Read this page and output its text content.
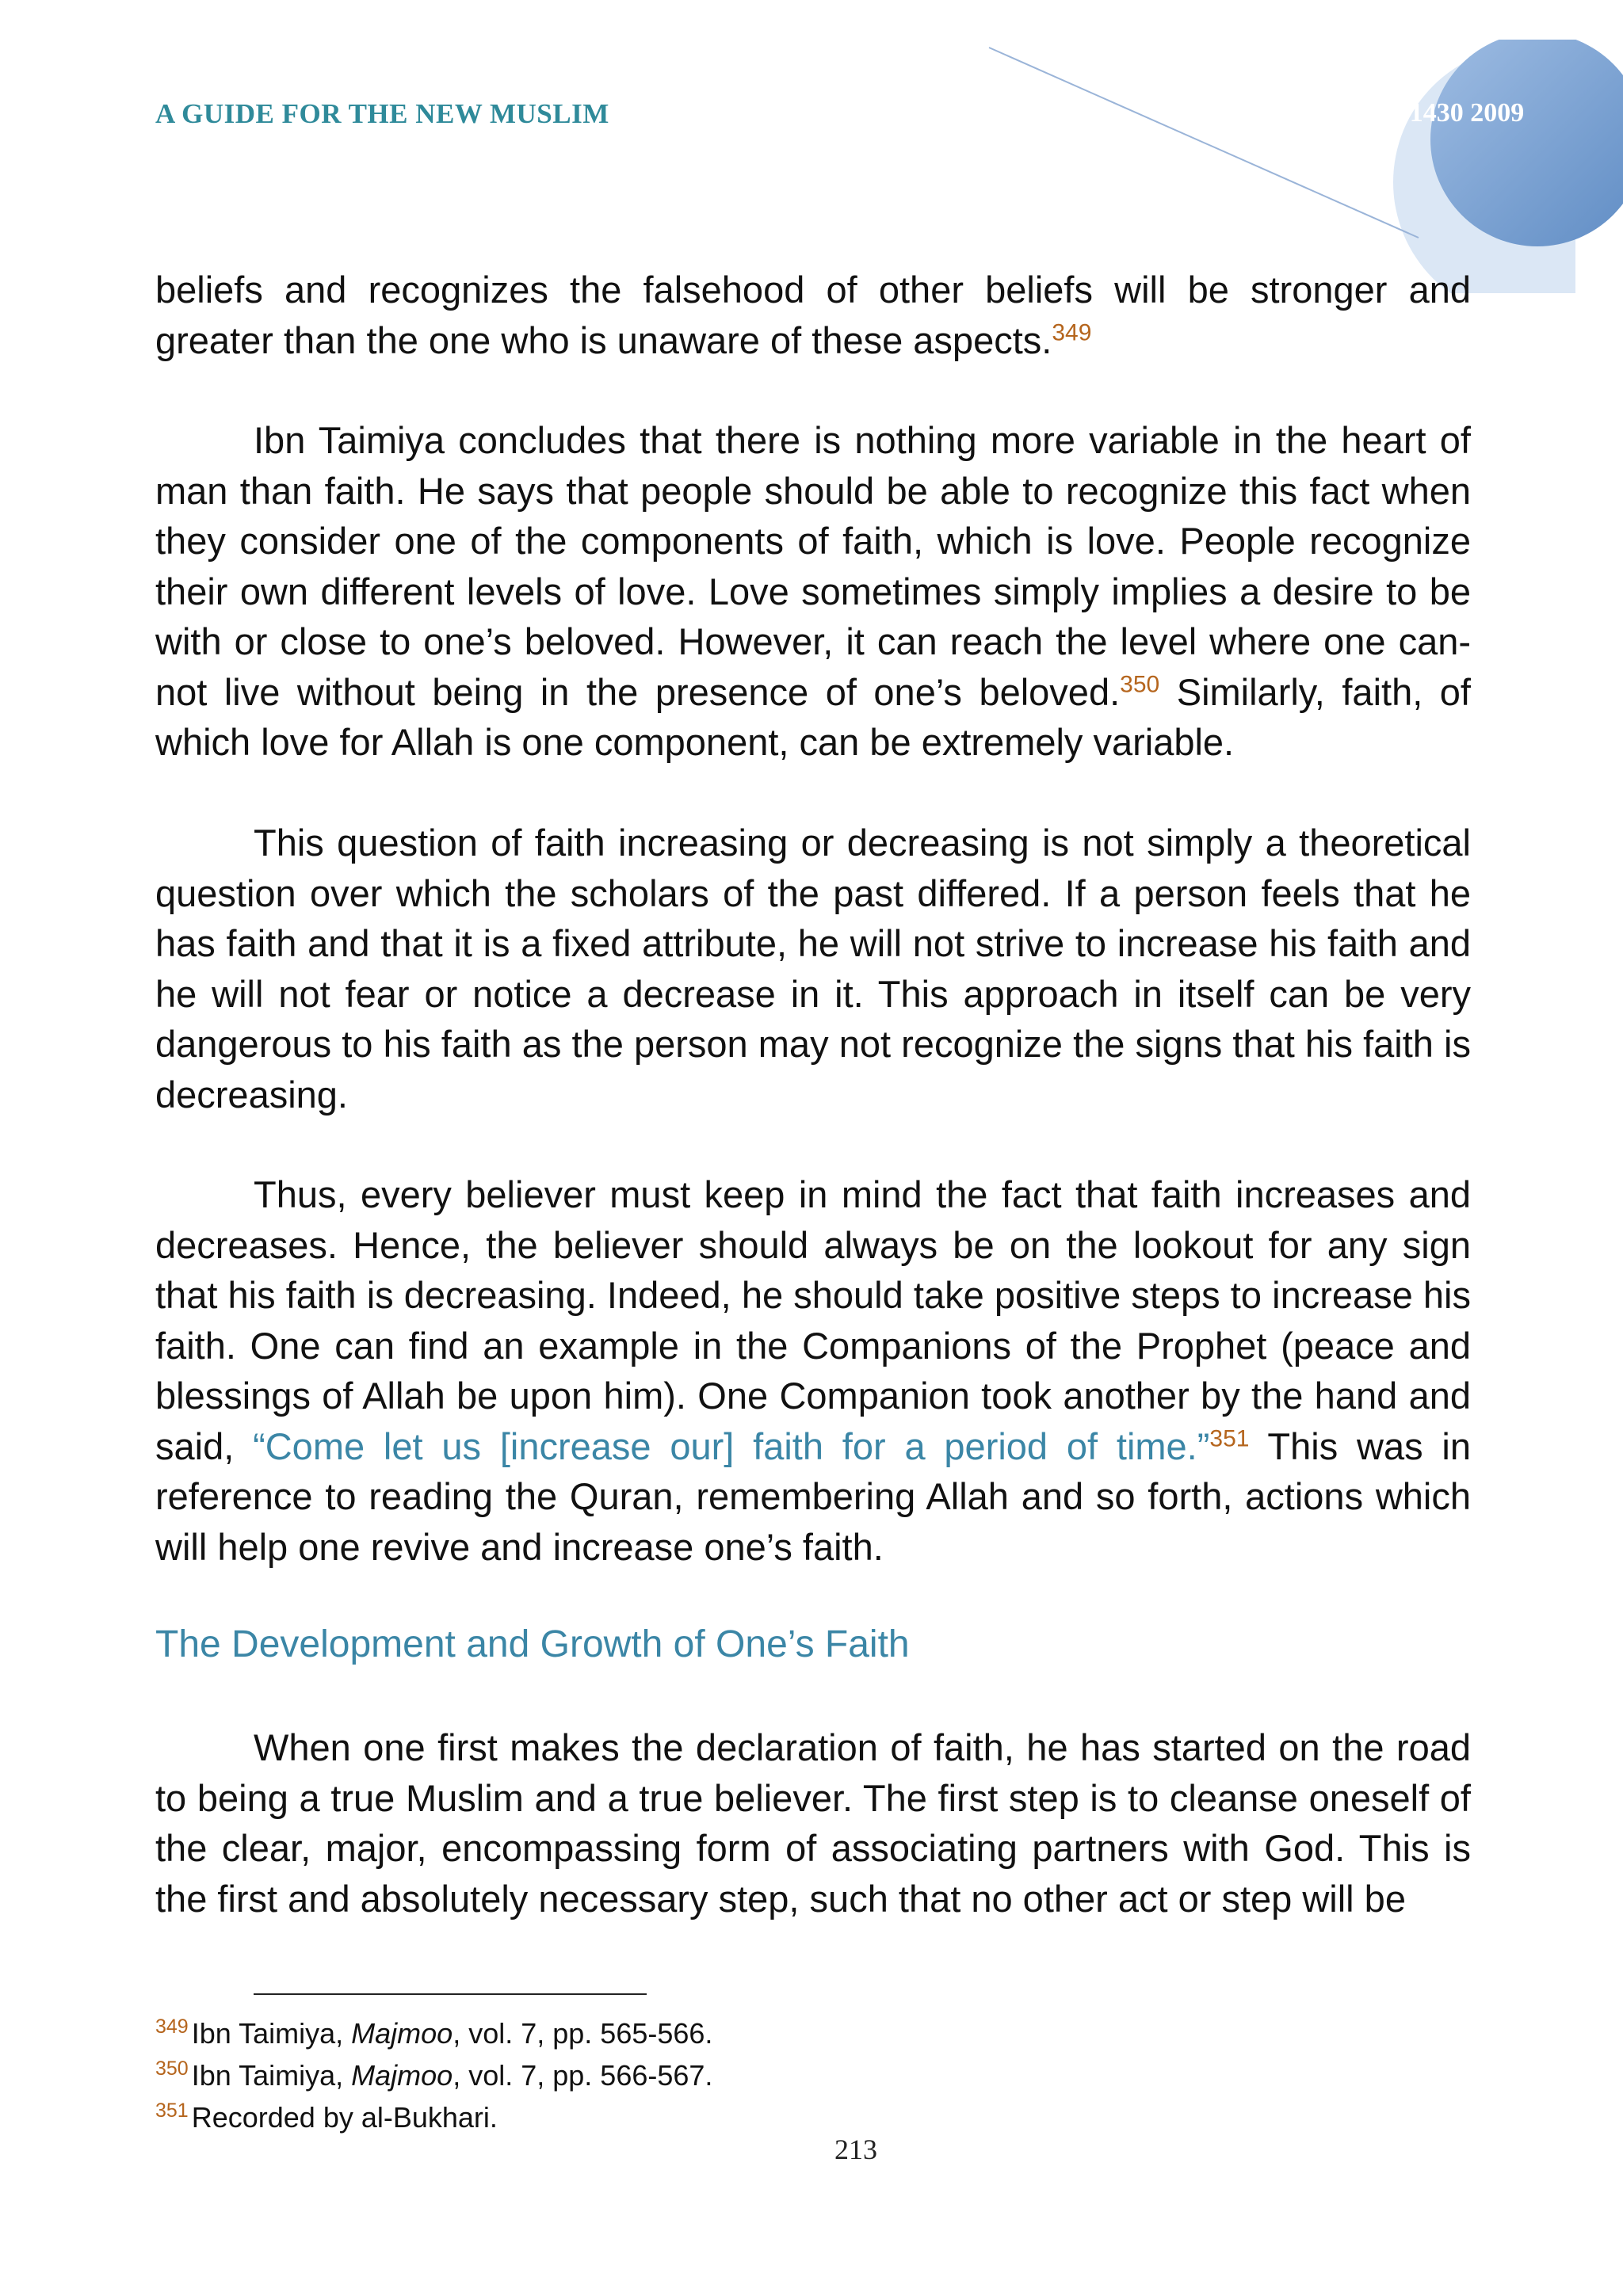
A GUIDE FOR THE NEW MUSLIM	1430 2009

beliefs and recognizes the falsehood of other beliefs will be stronger and greater than the one who is unaware of these aspects.$^{349}$

Ibn Taimiya concludes that there is nothing more variable in the heart of man than faith. He says that people should be able to recognize this fact when they consider one of the components of faith, which is love. People recognize their own different levels of love. Love sometimes simply implies a desire to be with or close to one’s beloved. However, it can reach the level where one can-not live without being in the presence of one’s beloved.$^{350}$ Similarly, faith, of which love for Allah is one component, can be extremely variable.

This question of faith increasing or decreasing is not simply a theoretical question over which the scholars of the past differed. If a person feels that he has faith and that it is a fixed attribute, he will not strive to increase his faith and he will not fear or notice a decrease in it. This approach in itself can be very dangerous to his faith as the person may not recognize the signs that his faith is decreasing.

Thus, every believer must keep in mind the fact that faith increases and decreases. Hence, the believer should always be on the lookout for any sign that his faith is decreasing. Indeed, he should take positive steps to increase his faith. One can find an example in the Companions of the Prophet (peace and blessings of Allah be upon him). One Companion took another by the hand and said, “Come let us [increase our] faith for a period of time.”$^{351}$ This was in reference to reading the Quran, remembering Allah and so forth, actions which will help one revive and increase one’s faith.

The Development and Growth of One’s Faith

When one first makes the declaration of faith, he has started on the road to being a true Muslim and a true believer. The first step is to cleanse oneself of the clear, major, encompassing form of associating partners with God. This is the first and absolutely necessary step, such that no other act or step will be

$^{349}$ Ibn Taimiya, Majmoo, vol. 7, pp. 565-566.
$^{350}$ Ibn Taimiya, Majmoo, vol. 7, pp. 566-567.
$^{351}$ Recorded by al-Bukhari.
213
